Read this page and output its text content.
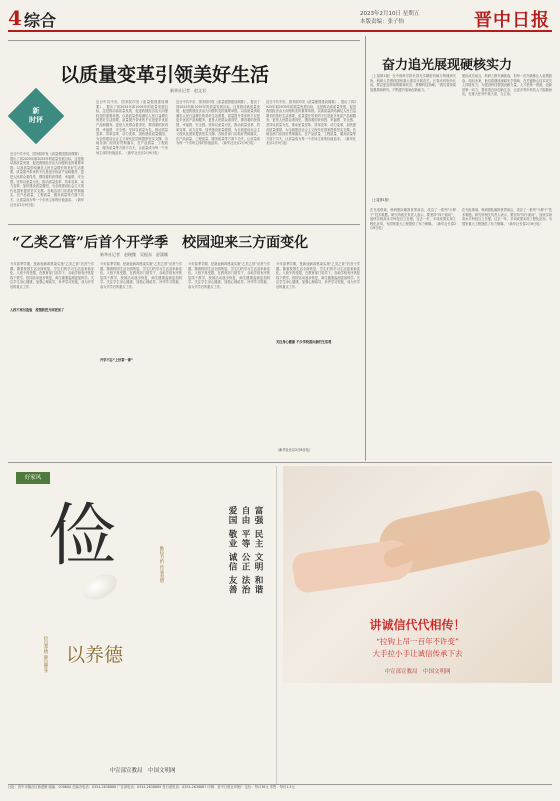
4 综合	2023年2月10日 星期五
本版责编：张子怡	晋中日报
以质量变革引领美好生活
新华社记者　赵文君
新
时评
近日中共中央、国务院印发《质量强国建设纲要》，提出了到2025年和2035年的质量发展目标，这是推动高质量发展、促进我国经济由大向强转变的重要举措。以高质量供给满足人民日益增长的美好生活需要，质量提升带来的不仅是更多优质产品和服务，更是人民群众看得见、摸得着的获得感、幸福感、安全感。坚持以质量为先，推动质量变革、效率变革、动力变革，加快建设质量强国，为全面建设社会主义现代化国家提供坚实支撑。各地各部门应抓好贯彻落实，在产品质量、工程质量、服务质量等方面下功夫，让质量成为每一个市场主体的价值追求。（新华社北京2月9日电）
近日中共中央、国务院印发《质量强国建设纲要》，提出了到2025年和2035年的质量发展目标，这是推动高质量发展、促进我国经济由大向强转变的重要举措。以高质量供给满足人民日益增长的美好生活需要，质量提升带来的不仅是更多优质产品和服务，更是人民群众看得见、摸得着的获得感、幸福感、安全感。坚持以质量为先，推动质量变革、效率变革、动力变革，加快建设质量强国，为全面建设社会主义现代化国家提供坚实支撑。各地各部门应抓好贯彻落实，在产品质量、工程质量、服务质量等方面下功夫，让质量成为每一个市场主体的价值追求。（新华社北京2月9日电）
近日中共中央、国务院印发《质量强国建设纲要》，提出了到2025年和2035年的质量发展目标，这是推动高质量发展、促进我国经济由大向强转变的重要举措。以高质量供给满足人民日益增长的美好生活需要，质量提升带来的不仅是更多优质产品和服务，更是人民群众看得见、摸得着的获得感、幸福感、安全感。坚持以质量为先，推动质量变革、效率变革、动力变革，加快建设质量强国，为全面建设社会主义现代化国家提供坚实支撑。各地各部门应抓好贯彻落实，在产品质量、工程质量、服务质量等方面下功夫，让质量成为每一个市场主体的价值追求。（新华社北京2月9日电）
近日中共中央、国务院印发《质量强国建设纲要》，提出了到2025年和2035年的质量发展目标，这是推动高质量发展、促进我国经济由大向强转变的重要举措。以高质量供给满足人民日益增长的美好生活需要，质量提升带来的不仅是更多优质产品和服务，更是人民群众看得见、摸得着的获得感、幸福感、安全感。坚持以质量为先，推动质量变革、效率变革、动力变革，加快建设质量强国，为全面建设社会主义现代化国家提供坚实支撑。各地各部门应抓好贯彻落实，在产品质量、工程质量、服务质量等方面下功夫，让质量成为每一个市场主体的价值追求。（新华社北京2月9日电）
奋力追光展现硬核实力
［上接第1版］在中国科学院长春光学精密机械与物理研究所，科研人员围绕国家重大需求开展攻关。长春光机所所长说，要以更加昂扬的精神状态，勇攀科技高峰。“我们将持续加强基础研究，不断提升原始创新能力。”
团队成员坦言，科研之路充满挑战，但每一次突破都让人倍感振奋。面向未来，他们将继续深耕光学领域，在关键核心技术攻关上持续发力，为建设科技强国贡献力量。人才是第一资源，创新是第一动力，要营造良好创新生态，让更多青年科技人才脱颖而出，在重大任务中挑大梁、当主角。
（上接第1版）
在光电领域，科研团队瞄准世界前沿，攻克了一系列“卡脖子”技术难题。研究所相关负责人表示，要坚持“四个面向”，加快实现高水平科技自立自强。过去一年，多项成果实现工程化应用，为国家重大工程提供了有力保障。（新华社长春2月9日电）
在光电领域，科研团队瞄准世界前沿，攻克了一系列“卡脖子”技术难题。研究所相关负责人表示，要坚持“四个面向”，加快实现高水平科技自立自强。过去一年，多项成果实现工程化应用，为国家重大工程提供了有力保障。（新华社长春2月9日电）
“乙类乙管”后首个开学季　校园迎来三方面变化
新华社记者　赵琬微　吴振东　舒潇颖
今年春季学期，是新冠病毒感染实施“乙类乙管”后首个学期。随着校园生活全面恢复，学生们的学习生活迎来新变化。入校不再受限，在教育部门指导下，各地学校有序恢复线下教学，校园活动逐步恢复，师生健康监测更加科学。关注学生身心健康，加强心理疏导，补齐学习短板，成为开学后的重点工作。
入校不再另查验　疫情防控方面更加了
今年春季学期，是新冠病毒感染实施“乙类乙管”后首个学期。随着校园生活全面恢复，学生们的学习生活迎来新变化。入校不再受限，在教育部门指导下，各地学校有序恢复线下教学，校园活动逐步恢复，师生健康监测更加科学。关注学生身心健康，加强心理疏导，补齐学习短板，成为开学后的重点工作。
开学不忘“上好第一课”
今年春季学期，是新冠病毒感染实施“乙类乙管”后首个学期。随着校园生活全面恢复，学生们的学习生活迎来新变化。入校不再受限，在教育部门指导下，各地学校有序恢复线下教学，校园活动逐步恢复，师生健康监测更加科学。关注学生身心健康，加强心理疏导，补齐学习短板，成为开学后的重点工作。
今年春季学期，是新冠病毒感染实施“乙类乙管”后首个学期。随着校园生活全面恢复，学生们的学习生活迎来新变化。入校不再受限，在教育部门指导下，各地学校有序恢复线下教学，校园活动逐步恢复，师生健康监测更加科学。关注学生身心健康，加强心理疏导，补齐学习短板，成为开学后的重点工作。
关注身心健康 不少学校提出新的生活观
（新华社北京2月8日电）
好家风
俭
以养德
俭以养德 静以修身
勤俭节约 传承美德	富强 民主 文明 和谐
自由 平等 公正 法治
爱国 敬业 诚信 友善
中宣部宣教局　中国文明网
讲诚信代代相传！
“拉钩上吊一百年不许变”
大手拉小手让诚信传承下去
中宣部宣教局　中国文明网
社址：晋中市榆次区新建路 邮编：030600 总编办电话：0354-2638888 广告部电话：0354-2638889 发行部电话：0354-2638887 印刷：晋中日报社印刷厂 定价：每月36元 零售：每份1.5元
